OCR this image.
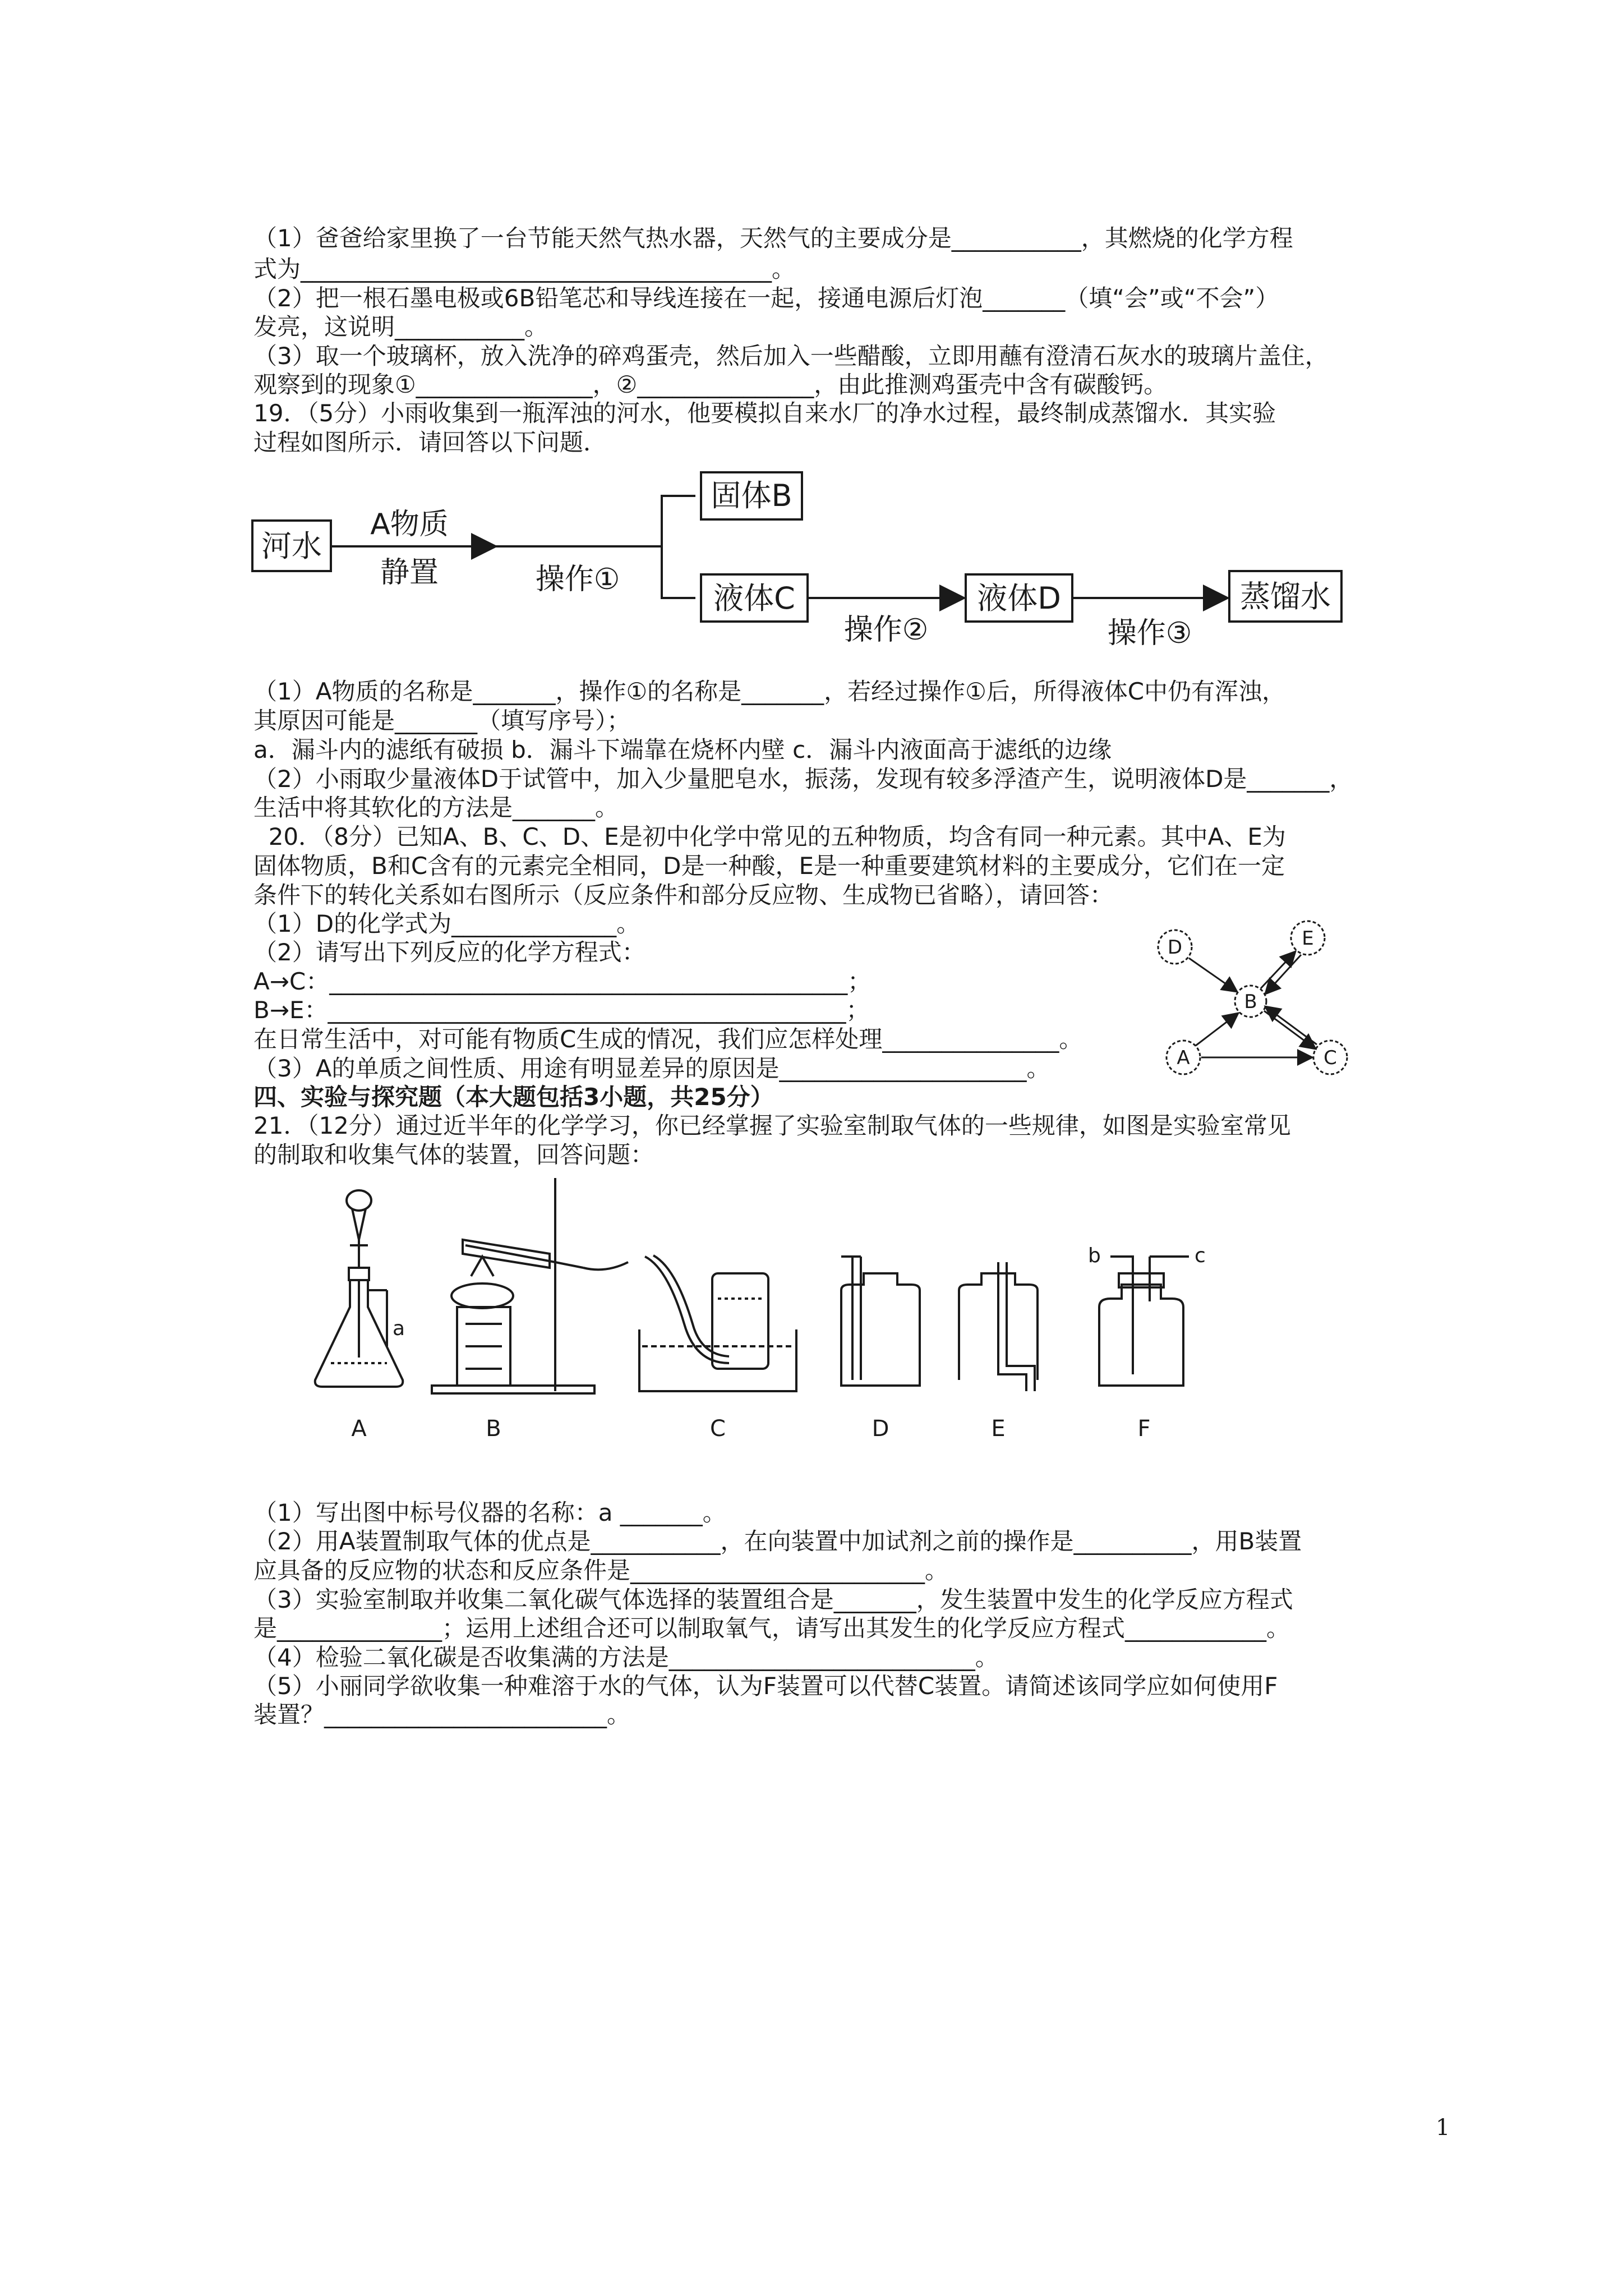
（1）爸爸给家里换了一台节能天然气热水器，天然气的主要成分是___________，其燃烧的化学方程
式为________________________________________。
（2）把一根石墨电极或6B铅笔芯和导线连接在一起，接通电源后灯泡_______（填“会”或“不会”）
发亮，这说明___________。
（3）取一个玻璃杯，放入洗净的碎鸡蛋壳，然后加入一些醋酸，立即用蘸有澄清石灰水的玻璃片盖住，
观察到的现象①_______________，②_______________，由此推测鸡蛋壳中含有碳酸钙。
19．（5分）小雨收集到一瓶浑浊的河水，他要模拟自来水厂的净水过程，最终制成蒸馏水．其实验
过程如图所示．请回答以下问题．
河水
A物质
静置	操作①
固体B
液体C
操作②
液体D
操作③
蒸馏水
（1）A物质的名称是_______，操作①的名称是_______，若经过操作①后，所得液体C中仍有浑浊，
其原因可能是_______（填写序号）；
a．漏斗内的滤纸有破损 b．漏斗下端靠在烧杯内壁 c．漏斗内液面高于滤纸的边缘
（2）小雨取少量液体D于试管中，加入少量肥皂水，振荡，发现有较多浮渣产生，说明液体D是_______，
生活中将其软化的方法是_______。
20．（8分）已知A、B、C、D、E是初中化学中常见的五种物质，均含有同一种元素。其中A、E为
固体物质，B和C含有的元素完全相同，D是一种酸，E是一种重要建筑材料的主要成分，它们在一定
条件下的转化关系如右图所示（反应条件和部分反应物、生成物已省略），请回答：
（1）D的化学式为______________。
（2）请写出下列反应的化学方程式：
A→C：____________________________________________；
B→E：____________________________________________；
在日常生活中，对可能有物质C生成的情况，我们应怎样处理_______________。
（3）A的单质之间性质、用途有明显差异的原因是_____________________。
D	E
B
A	C
四、实验与探究题（本大题包括3小题，共25分）
21．（12分）通过近半年的化学学习，你已经掌握了实验室制取气体的一些规律，如图是实验室常见
的制取和收集气体的装置，回答问题：
a
A	B	C	D	E
b	c
F
（1）写出图中标号仪器的名称：a _______。
（2）用A装置制取气体的优点是___________，在向装置中加试剂之前的操作是__________，用B装置
应具备的反应物的状态和反应条件是_________________________。
（3）实验室制取并收集二氧化碳气体选择的装置组合是_______，发生装置中发生的化学反应方程式
是______________；运用上述组合还可以制取氧气，请写出其发生的化学反应方程式____________。
（4）检验二氧化碳是否收集满的方法是__________________________。
（5）小丽同学欲收集一种难溶于水的气体，认为F装置可以代替C装置。请简述该同学应如何使用F
装置？________________________。
1
